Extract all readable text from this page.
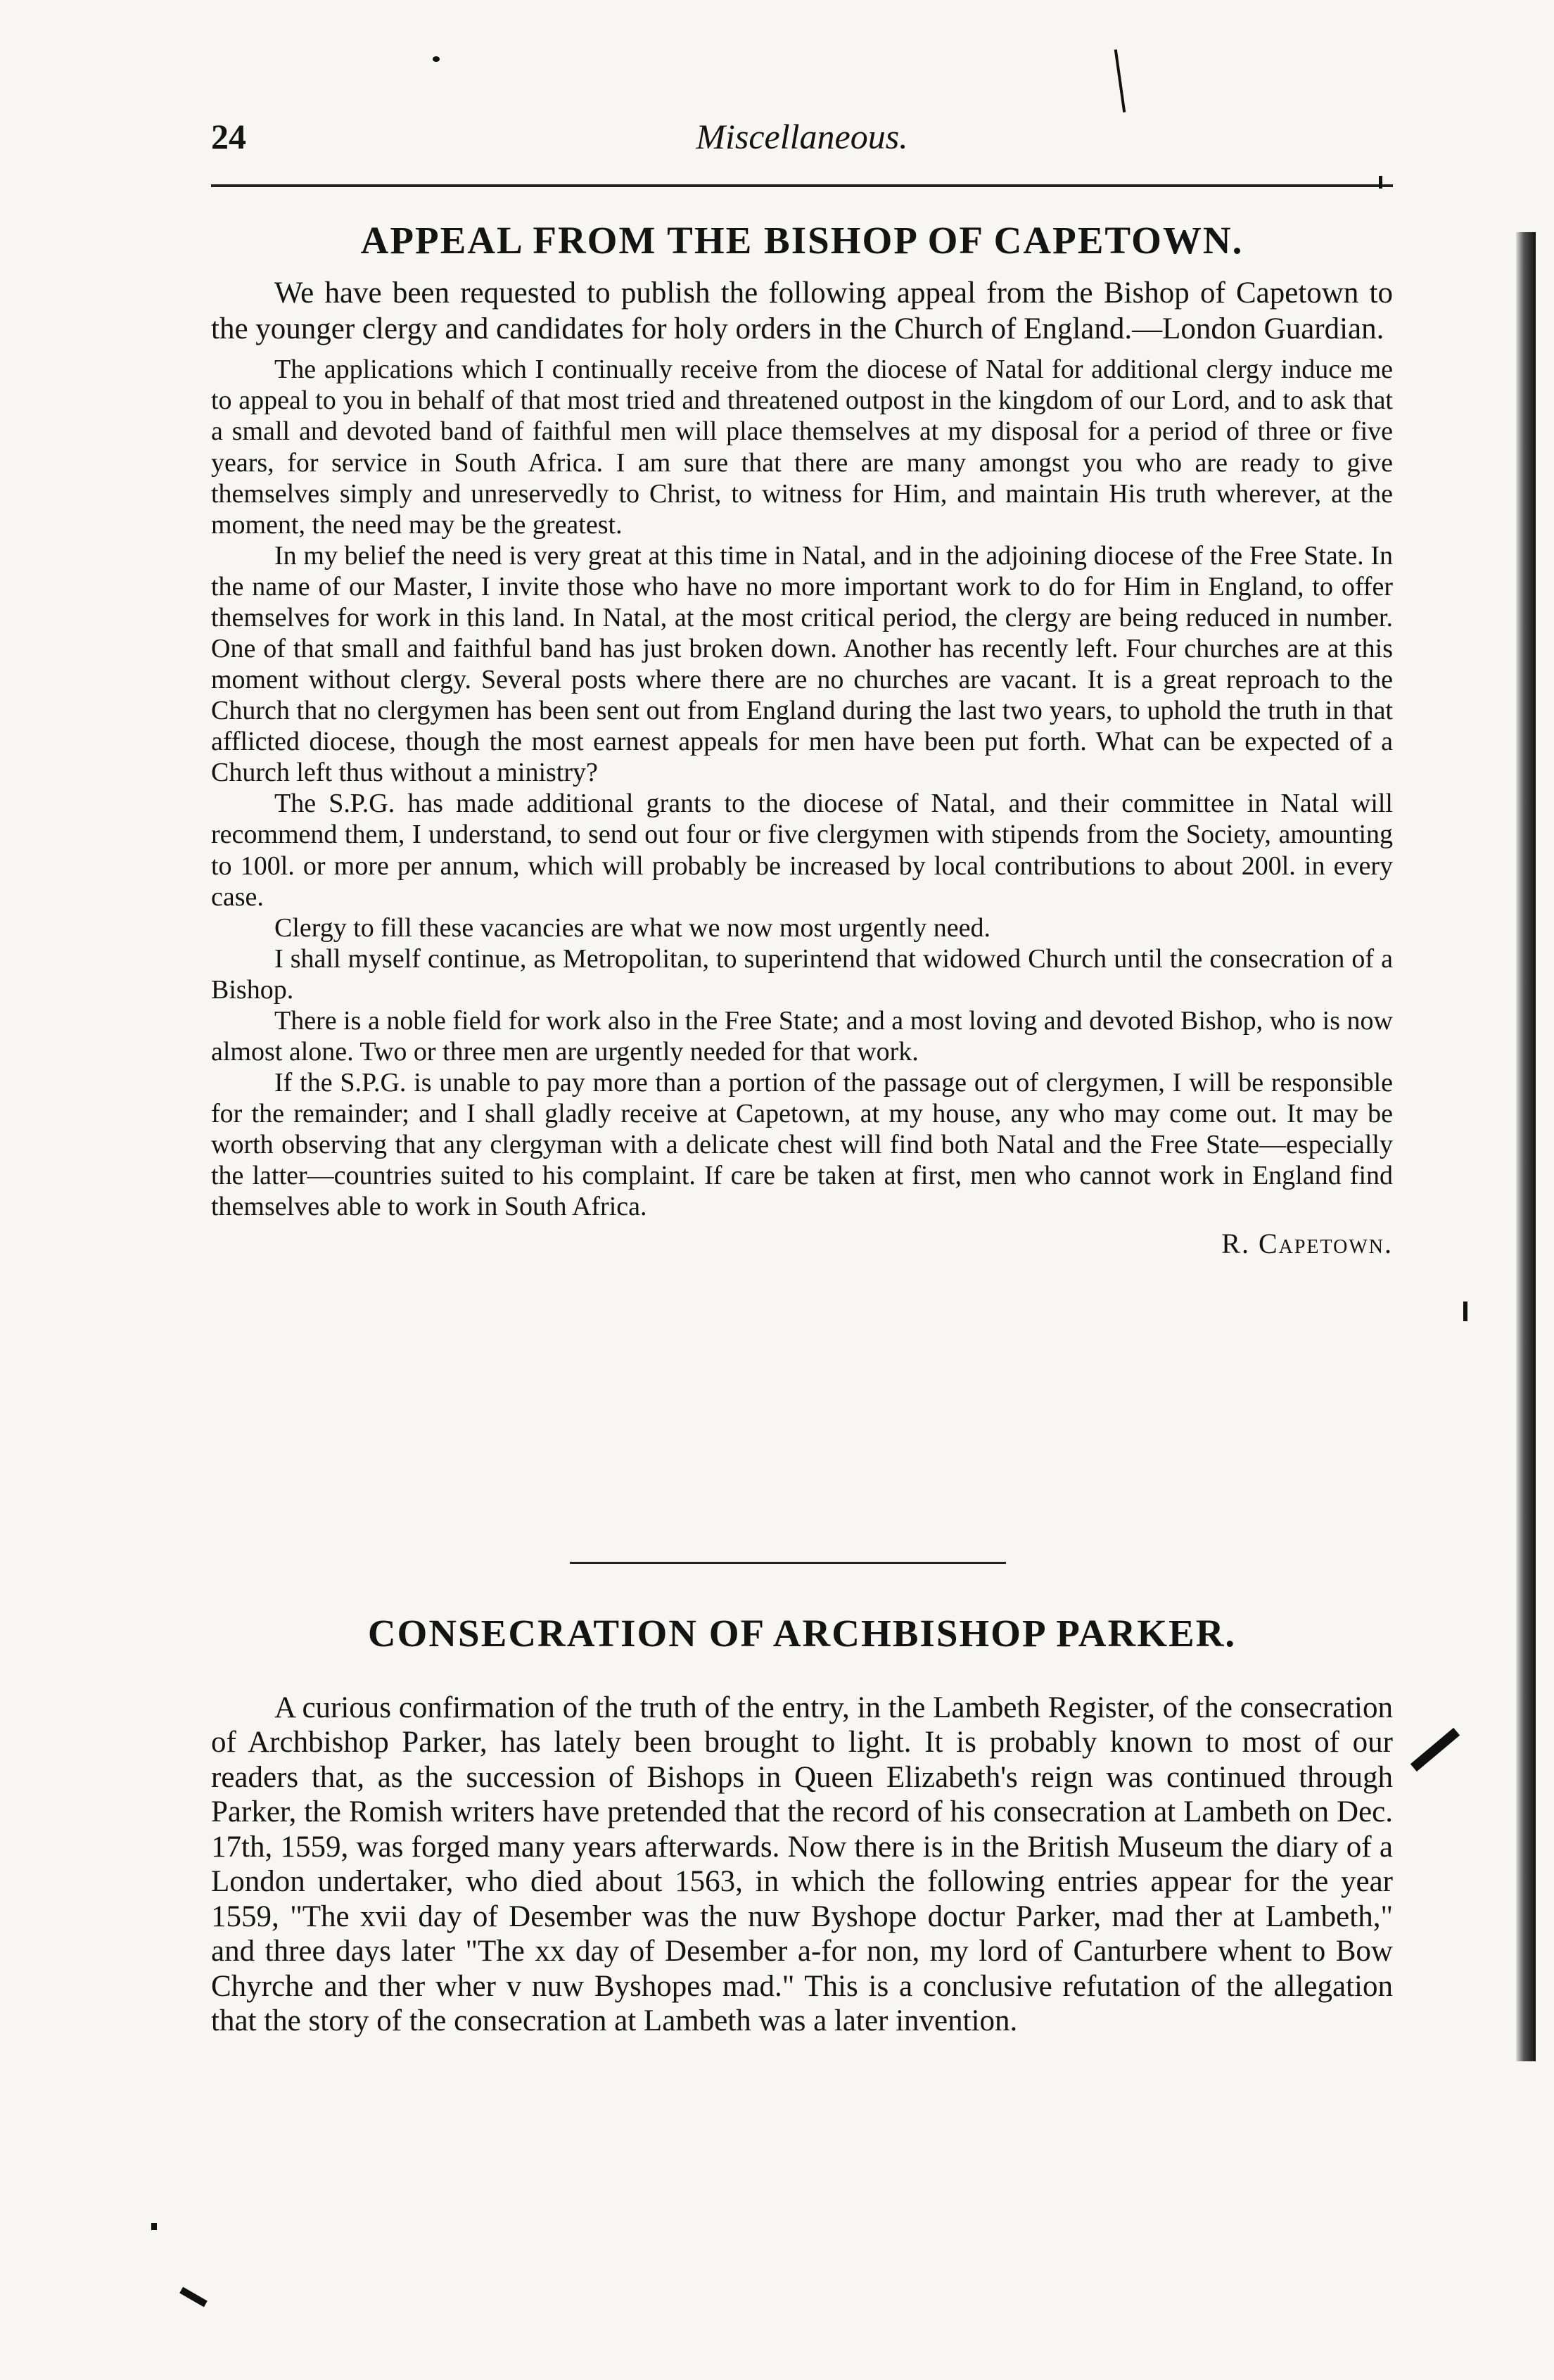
24	Miscellaneous.
APPEAL FROM THE BISHOP OF CAPETOWN.

We have been requested to publish the following appeal from the Bishop of Capetown to the younger clergy and candidates for holy orders in the Church of England.—London Guardian.

The applications which I continually receive from the diocese of Natal for additional clergy induce me to appeal to you in behalf of that most tried and threatened outpost in the kingdom of our Lord, and to ask that a small and devoted band of faithful men will place themselves at my disposal for a period of three or five years, for service in South Africa. I am sure that there are many amongst you who are ready to give themselves simply and unreservedly to Christ, to witness for Him, and maintain His truth wherever, at the moment, the need may be the greatest.

In my belief the need is very great at this time in Natal, and in the adjoining diocese of the Free State. In the name of our Master, I invite those who have no more important work to do for Him in England, to offer themselves for work in this land. In Natal, at the most critical period, the clergy are being reduced in number. One of that small and faithful band has just broken down. Another has recently left. Four churches are at this moment without clergy. Several posts where there are no churches are vacant. It is a great reproach to the Church that no clergymen has been sent out from England during the last two years, to uphold the truth in that afflicted diocese, though the most earnest appeals for men have been put forth. What can be expected of a Church left thus without a ministry?

The S.P.G. has made additional grants to the diocese of Natal, and their committee in Natal will recommend them, I understand, to send out four or five clergymen with stipends from the Society, amounting to 100l. or more per annum, which will probably be increased by local contributions to about 200l. in every case.

Clergy to fill these vacancies are what we now most urgently need.

I shall myself continue, as Metropolitan, to superintend that widowed Church until the consecration of a Bishop.

There is a noble field for work also in the Free State; and a most loving and devoted Bishop, who is now almost alone. Two or three men are urgently needed for that work.

If the S.P.G. is unable to pay more than a portion of the passage out of clergymen, I will be responsible for the remainder; and I shall gladly receive at Capetown, at my house, any who may come out. It may be worth observing that any clergyman with a delicate chest will find both Natal and the Free State—especially the latter—countries suited to his complaint. If care be taken at first, men who cannot work in England find themselves able to work in South Africa.

R. Capetown.
CONSECRATION OF ARCHBISHOP PARKER.

A curious confirmation of the truth of the entry, in the Lambeth Register, of the consecration of Archbishop Parker, has lately been brought to light. It is probably known to most of our readers that, as the succession of Bishops in Queen Elizabeth's reign was continued through Parker, the Romish writers have pretended that the record of his consecration at Lambeth on Dec. 17th, 1559, was forged many years afterwards. Now there is in the British Museum the diary of a London undertaker, who died about 1563, in which the following entries appear for the year 1559, "The xvii day of Desember was the nuw Byshope doctur Parker, mad ther at Lambeth," and three days later "The xx day of Desember a-for non, my lord of Canturbere whent to Bow Chyrche and ther wher v nuw Byshopes mad." This is a conclusive refutation of the allegation that the story of the consecration at Lambeth was a later invention.
